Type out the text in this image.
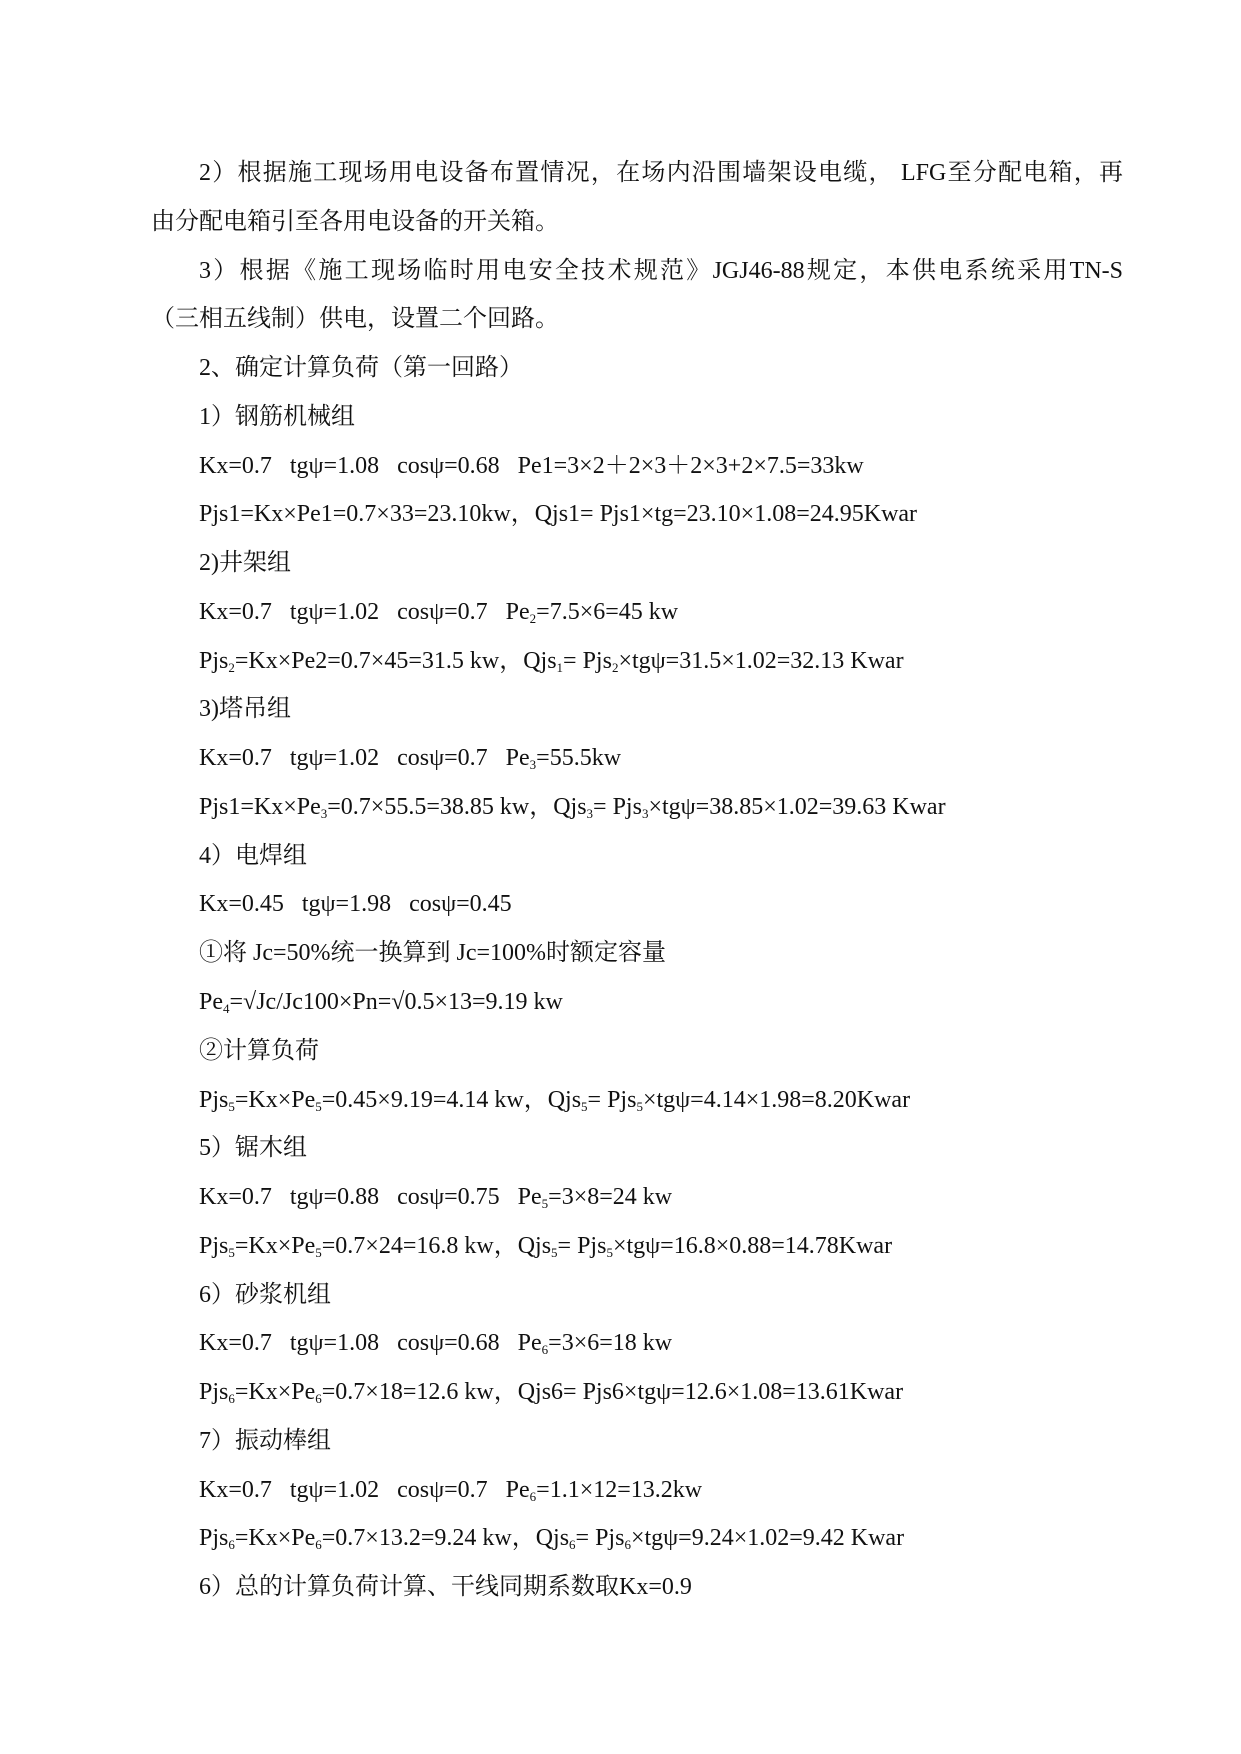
2）根据施工现场用电设备布置情况，在场内沿围墙架设电缆， LFG至分配电箱，再
由分配电箱引至各用电设备的开关箱。
3）根据《施工现场临时用电安全技术规范》JGJ46-88规定，本供电系统采用TN-S
（三相五线制）供电，设置二个回路。
2、确定计算负荷（第一回路）
1）钢筋机械组
Kx=0.7   tgψ=1.08   cosψ=0.68   Pe1=3×2＋2×3＋2×3+2×7.5=33kw
Pjs1=Kx×Pe1=0.7×33=23.10kw，Qjs1= Pjs1×tg=23.10×1.08=24.95Kwar
2)井架组
Kx=0.7   tgψ=1.02   cosψ=0.7   $Pe_2=7.5\times 6=45$ kw
Pjs$_2$=Kx×Pe2=0.7×45=31.5 kw，Qjs$_1$= Pjs$_2$×tgψ=31.5×1.02=32.13 Kwar
3)塔吊组
Kx=0.7   tgψ=1.02   cosψ=0.7   $Pe_3=55.5kw$
$Pjs1=Kx\times Pe_3=0.7\times 55.5=38.85$ kw，Qjs$_3$= Pjs$_3$×tgψ=38.85×1.02=39.63 Kwar
4）电焊组
Kx=0.45   tgψ=1.98   cosψ=0.45
①将 Jc=50%统一换算到 Jc=100%时额定容量
$Pe_4=√Jc/Jc100\times Pn=√0.5\times 13=9.19$ kw
②计算负荷
$Pjs_5=Kx\times Pe_5=0.45\times 9.19=4.14$ kw，Qjs$_5$= Pjs$_5$×tgψ=4.14×1.98=8.20Kwar
5）锯木组
Kx=0.7   tgψ=0.88   cosψ=0.75   $Pe_5=3\times 8=24$ kw
$Pjs_5=Kx\times Pe_5=0.7\times 24=16.8$ kw，Qjs$_5$= Pjs$_5$×tgψ=16.8×0.88=14.78Kwar
6）砂浆机组
Kx=0.7   tgψ=1.08   cosψ=0.68   $Pe_6=3\times 6=18$ kw
$Pjs_6=Kx\times Pe_6=0.7\times 18=12.6$ kw，Qjs6= Pjs6×tgψ=12.6×1.08=13.61Kwar
7）振动棒组
Kx=0.7   tgψ=1.02   cosψ=0.7   $Pe_6=1.1\times 12=13.2kw$
$Pjs_6=Kx\times Pe_6=0.7\times 13.2=9.24$ kw，Qjs$_6$= Pjs$_6$×tgψ=9.24×1.02=9.42 Kwar
6）总的计算负荷计算、干线同期系数取Kx=0.9
